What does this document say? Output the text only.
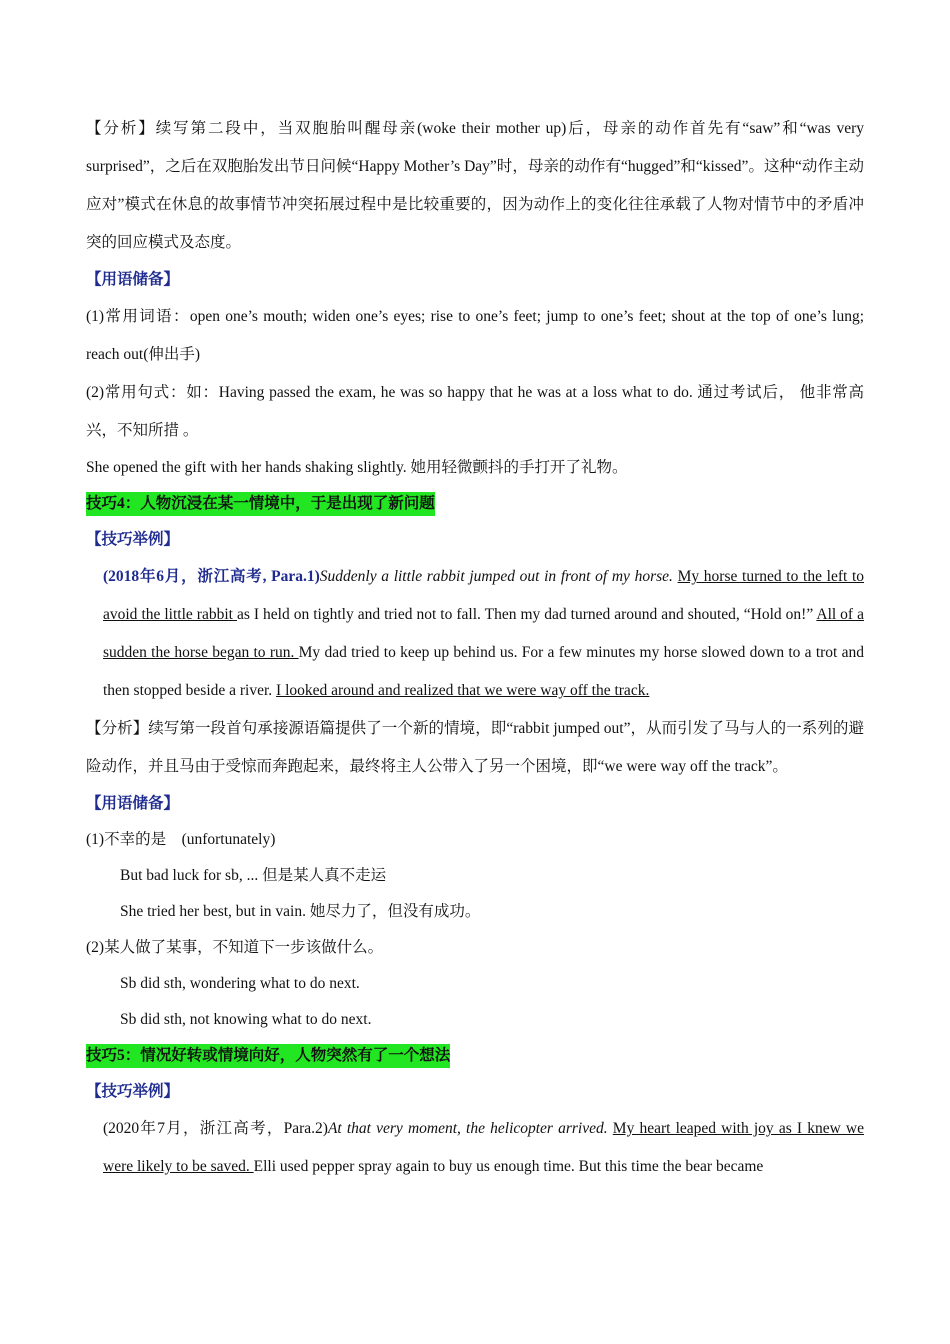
【分析】续写第二段中，当双胞胎叫醒母亲(woke their mother up)后，母亲的动作首先有“saw”和“was very surprised”，之后在双胞胎发出节日问候“Happy Mother’s Day”时，母亲的动作有“hugged”和“kissed”。这种“动作主动应对”模式在休息的故事情节冲突拓展过程中是比较重要的，因为动作上的变化往往承载了人物对情节中的矛盾冲突的回应模式及态度。

【用语储备】

(1)常用词语：open one’s mouth; widen one’s eyes; rise to one’s feet; jump to one’s feet; shout at the top of one’s lung; reach out(伸出手)

(2)常用句式：如：Having passed the exam, he was so happy that he was at a loss what to do. 通过考试后， 他非常高兴，不知所措 。

She opened the gift with her hands shaking slightly. 她用轻微颤抖的手打开了礼物。

技巧4：人物沉浸在某一情境中，于是出现了新问题

【技巧举例】

(2018年6月，浙江高考, Para.1)Suddenly a little rabbit jumped out in front of my horse. My horse turned to the left to avoid the little rabbit as I held on tightly and tried not to fall. Then my dad turned around and shouted, “Hold on!” All of a sudden the horse began to run. My dad tried to keep up behind us. For a few minutes my horse slowed down to a trot and then stopped beside a river. I looked around and realized that we were way off the track.

【分析】续写第一段首句承接源语篇提供了一个新的情境，即“rabbit jumped out”，从而引发了马与人的一系列的避险动作，并且马由于受惊而奔跑起来，最终将主人公带入了另一个困境，即“we were way off the track”。

【用语储备】

(1)不幸的是　(unfortunately)

But bad luck for sb, ... 但是某人真不走运

She tried her best, but in vain. 她尽力了，但没有成功。

(2)某人做了某事，不知道下一步该做什么。

Sb did sth, wondering what to do next.

Sb did sth, not knowing what to do next.

技巧5：情况好转或情境向好，人物突然有了一个想法

【技巧举例】

(2020年7月，浙江高考，Para.2)At that very moment, the helicopter arrived. My heart leaped with joy as I knew we were likely to be saved. Elli used pepper spray again to buy us enough time. But this time the bear became
